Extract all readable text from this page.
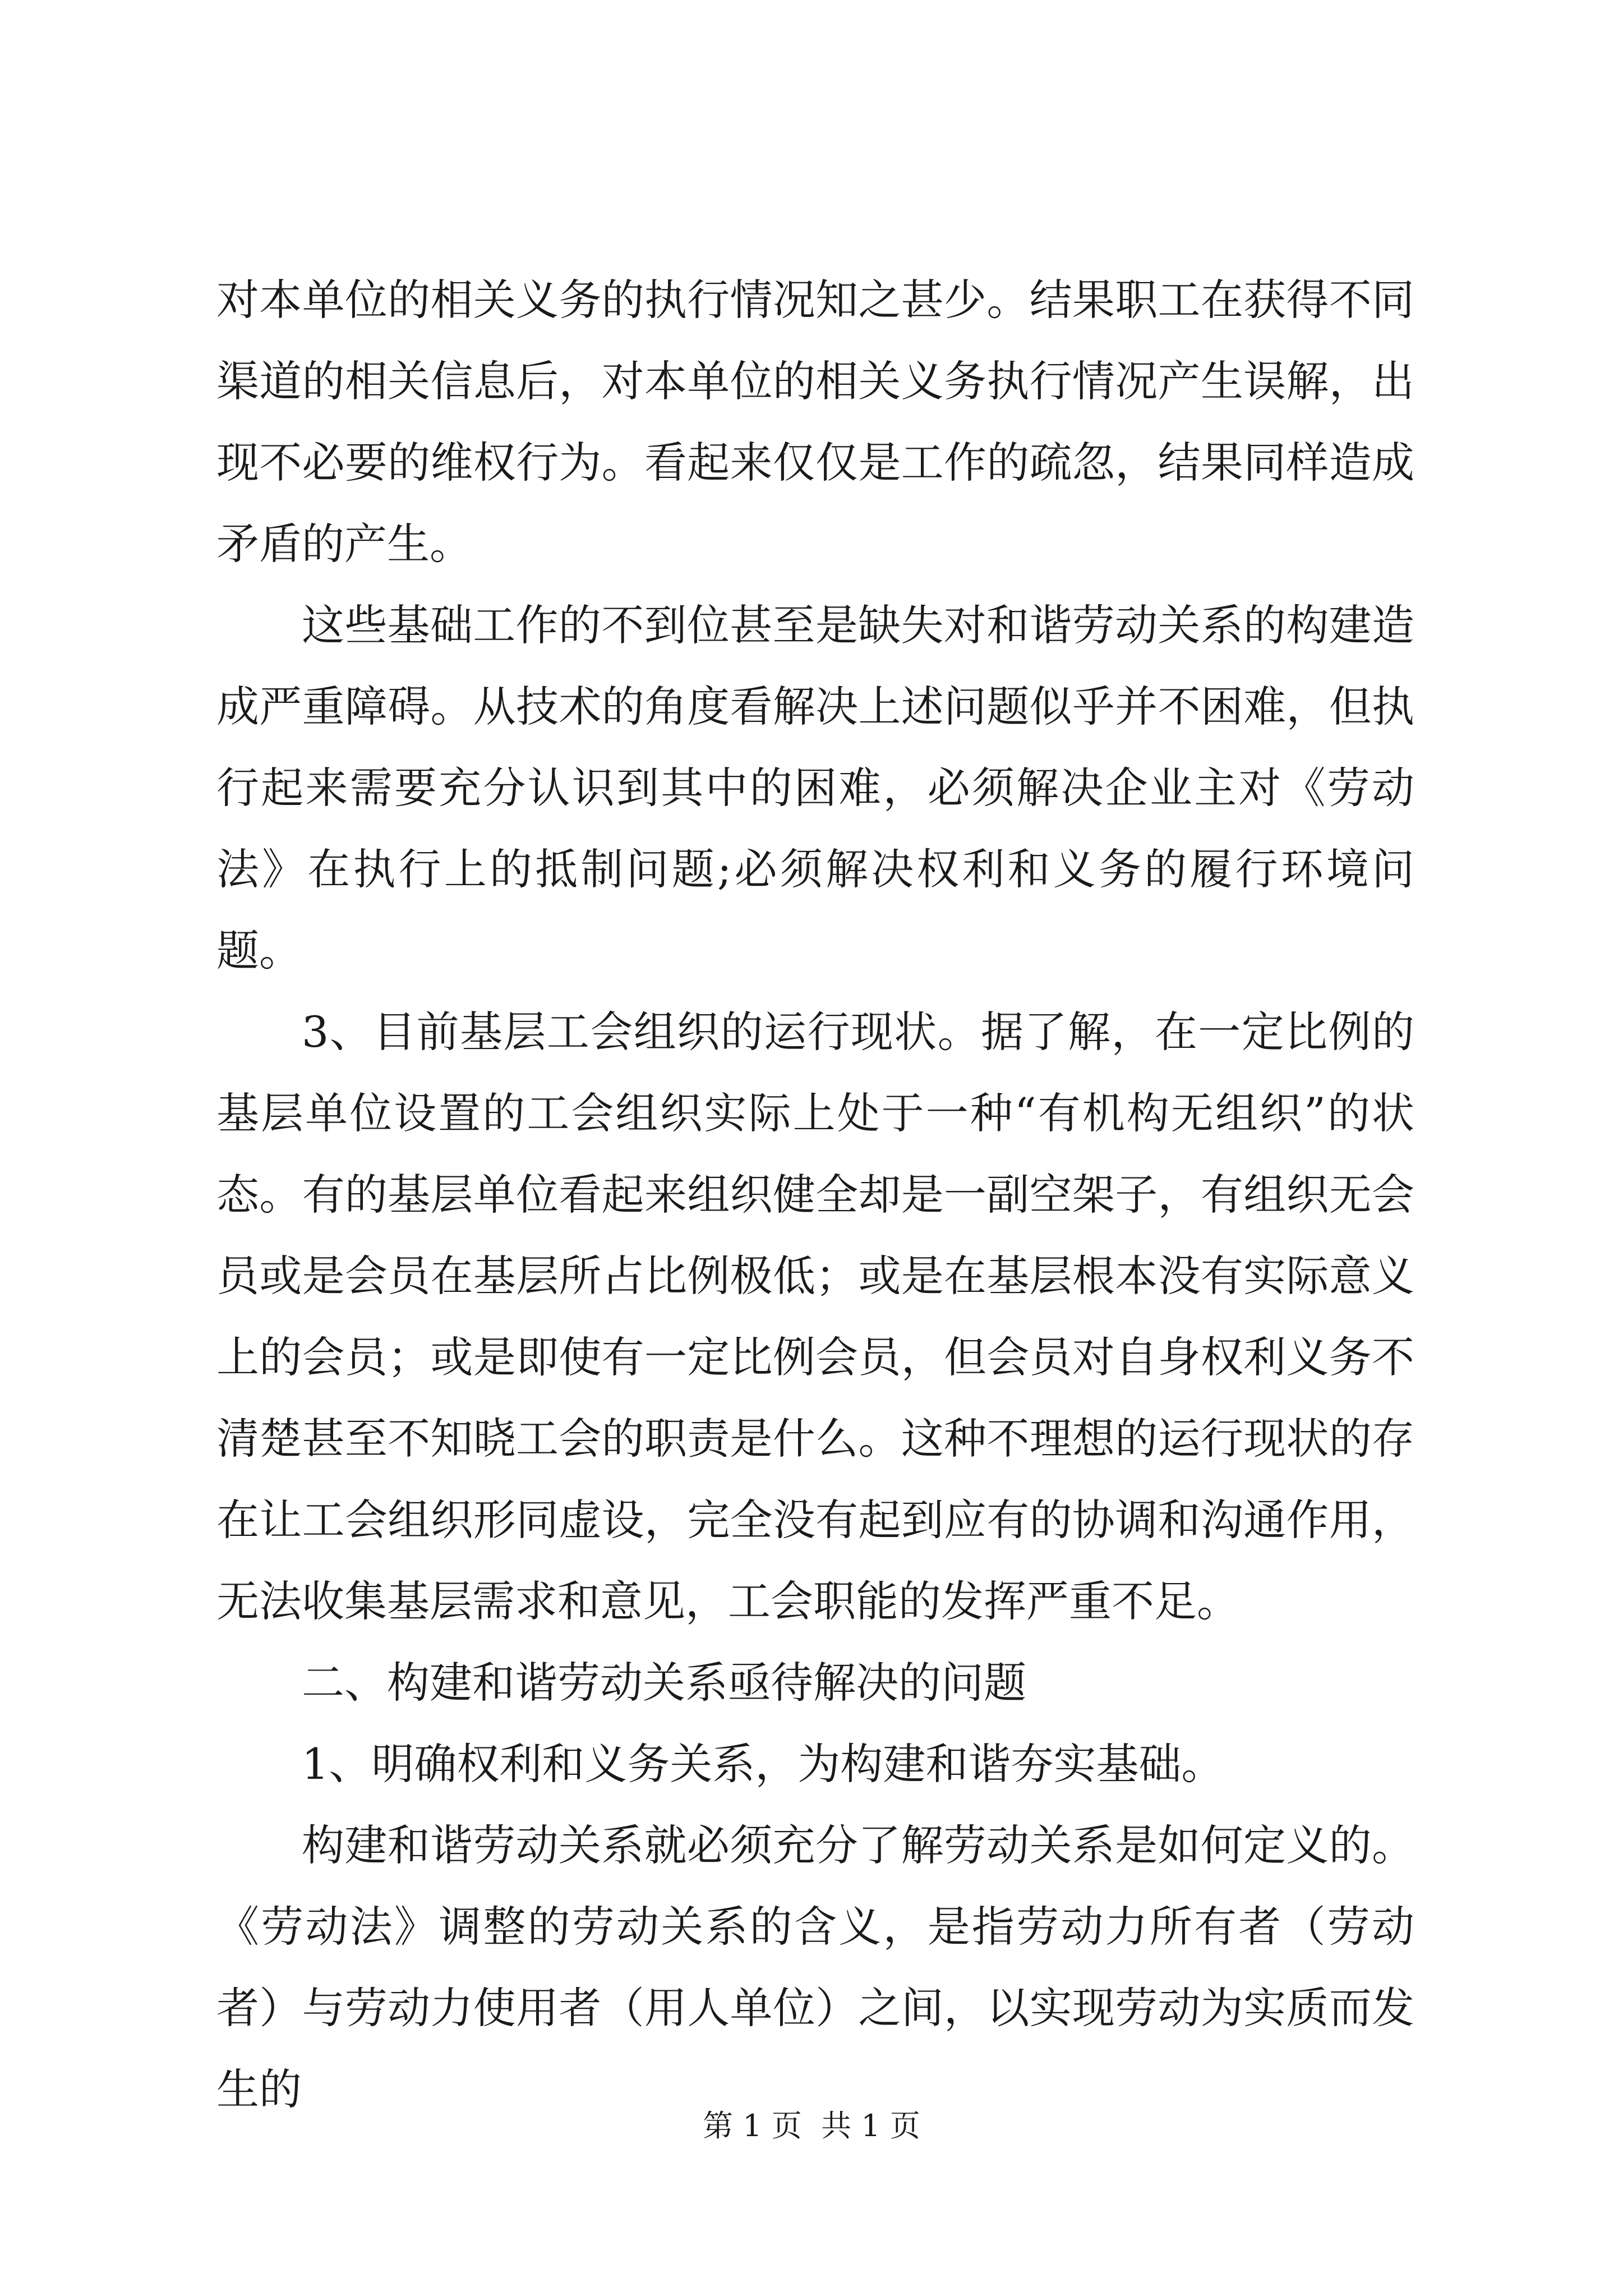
对本单位的相关义务的执行情况知之甚少。结果职工在获得不同渠道的相关信息后，对本单位的相关义务执行情况产生误解，出现不必要的维权行为。看起来仅仅是工作的疏忽，结果同样造成矛盾的产生。

这些基础工作的不到位甚至是缺失对和谐劳动关系的构建造成严重障碍。从技术的角度看解决上述问题似乎并不困难，但执行起来需要充分认识到其中的困难，必须解决企业主对《劳动法》在执行上的抵制问题;必须解决权利和义务的履行环境问题。

3、目前基层工会组织的运行现状。据了解，在一定比例的基层单位设置的工会组织实际上处于一种“有机构无组织”的状态。有的基层单位看起来组织健全却是一副空架子，有组织无会员或是会员在基层所占比例极低；或是在基层根本没有实际意义上的会员；或是即使有一定比例会员，但会员对自身权利义务不清楚甚至不知晓工会的职责是什么。这种不理想的运行现状的存在让工会组织形同虚设，完全没有起到应有的协调和沟通作用，无法收集基层需求和意见，工会职能的发挥严重不足。

二、构建和谐劳动关系亟待解决的问题

1、明确权利和义务关系，为构建和谐夯实基础。

构建和谐劳动关系就必须充分了解劳动关系是如何定义的。《劳动法》调整的劳动关系的含义，是指劳动力所有者（劳动者）与劳动力使用者（用人单位）之间，以实现劳动为实质而发生的

第 1 页  共 1 页
